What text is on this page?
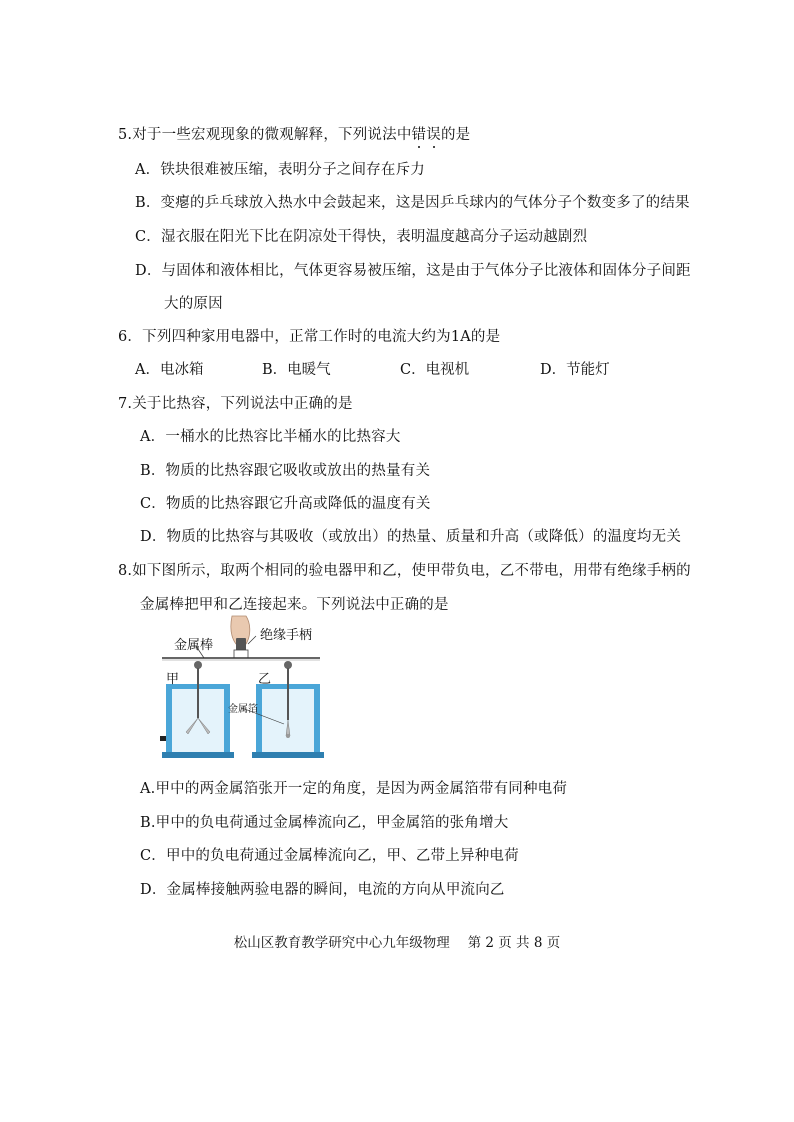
5.对于一些宏观现象的微观解释，下列说法中错误的是
A．铁块很难被压缩，表明分子之间存在斥力
B．变瘪的乒乓球放入热水中会鼓起来，这是因乒乓球内的气体分子个数变多了的结果
C．湿衣服在阳光下比在阴凉处干得快，表明温度越高分子运动越剧烈
D．与固体和液体相比，气体更容易被压缩，这是由于气体分子比液体和固体分子间距
大的原因
6．下列四种家用电器中，正常工作时的电流大约为1A的是
A．电冰箱	B．电暖气	C．电视机	D．节能灯
7.关于比热容，下列说法中正确的是
A．一桶水的比热容比半桶水的比热容大
B．物质的比热容跟它吸收或放出的热量有关
C．物质的比热容跟它升高或降低的温度有关
D．物质的比热容与其吸收（或放出）的热量、质量和升高（或降低）的温度均无关
8.如下图所示，取两个相同的验电器甲和乙，使甲带负电，乙不带电，用带有绝缘手柄的
金属棒把甲和乙连接起来。下列说法中正确的是
金属棒
绝缘手柄
甲	乙
金属箔
A.甲中的两金属箔张开一定的角度，是因为两金属箔带有同种电荷
B.甲中的负电荷通过金属棒流向乙，甲金属箔的张角增大
C．甲中的负电荷通过金属棒流向乙，甲、乙带上异种电荷
D．金属棒接触两验电器的瞬间，电流的方向从甲流向乙
松山区教育教学研究中心九年级物理　 第 2 页 共 8 页
